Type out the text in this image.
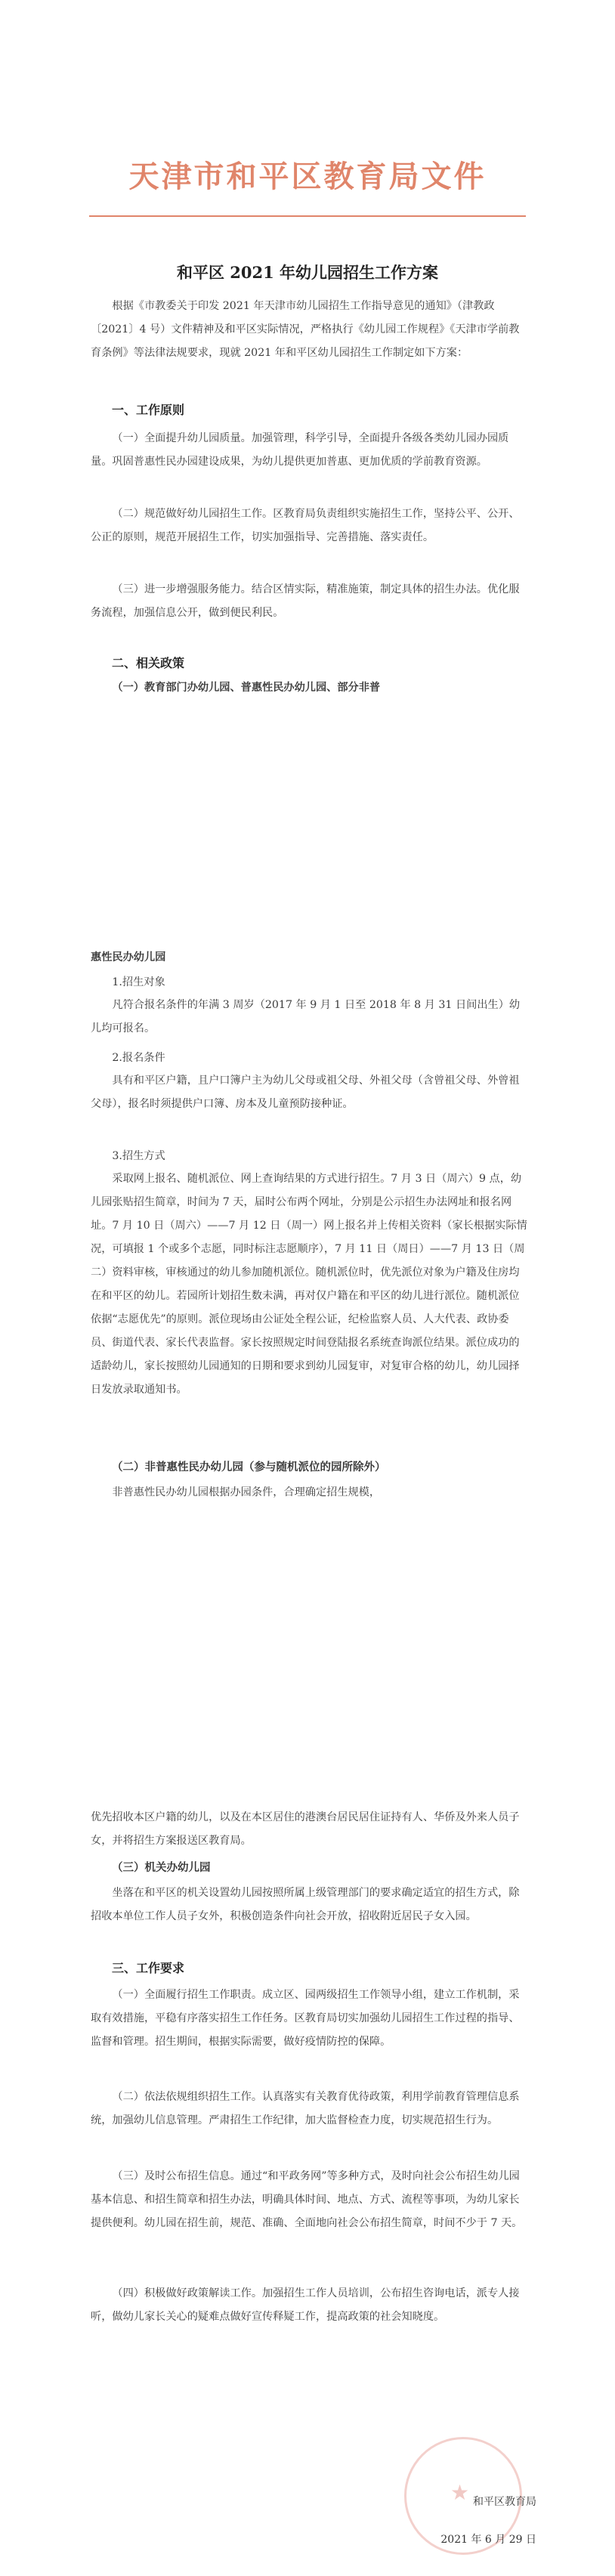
天津市和平区教育局文件
和平区 2021 年幼儿园招生工作方案

根据《市教委关于印发 2021 年天津市幼儿园招生工作指导意见的通知》（津教政〔2021〕4 号）文件精神及和平区实际情况，严格执行《幼儿园工作规程》《天津市学前教育条例》等法律法规要求，现就 2021 年和平区幼儿园招生工作制定如下方案：

一、工作原则

（一）全面提升幼儿园质量。加强管理，科学引导，全面提升各级各类幼儿园办园质量。巩固普惠性民办园建设成果，为幼儿提供更加普惠、更加优质的学前教育资源。

（二）规范做好幼儿园招生工作。区教育局负责组织实施招生工作，坚持公平、公开、公正的原则，规范开展招生工作，切实加强指导、完善措施、落实责任。

（三）进一步增强服务能力。结合区情实际，精准施策，制定具体的招生办法。优化服务流程，加强信息公开，做到便民利民。

二、相关政策

（一）教育部门办幼儿园、普惠性民办幼儿园、部分非普

惠性民办幼儿园

1.招生对象

凡符合报名条件的年满 3 周岁（2017 年 9 月 1 日至 2018 年 8 月 31 日间出生）幼儿均可报名。

2.报名条件

具有和平区户籍，且户口簿户主为幼儿父母或祖父母、外祖父母（含曾祖父母、外曾祖父母），报名时须提供户口簿、房本及儿童预防接种证。

3.招生方式

采取网上报名、随机派位、网上查询结果的方式进行招生。7 月 3 日（周六）9 点，幼儿园张贴招生简章，时间为 7 天，届时公布两个网址，分别是公示招生办法网址和报名网址。7 月 10 日（周六）——7 月 12 日（周一）网上报名并上传相关资料（家长根据实际情况，可填报 1 个或多个志愿，同时标注志愿顺序），7 月 11 日（周日）——7 月 13 日（周二）资料审核，审核通过的幼儿参加随机派位。随机派位时，优先派位对象为户籍及住房均在和平区的幼儿。若园所计划招生数未满，再对仅户籍在和平区的幼儿进行派位。随机派位依据“志愿优先”的原则。派位现场由公证处全程公证，纪检监察人员、人大代表、政协委员、街道代表、家长代表监督。家长按照规定时间登陆报名系统查询派位结果。派位成功的适龄幼儿，家长按照幼儿园通知的日期和要求到幼儿园复审，对复审合格的幼儿，幼儿园择日发放录取通知书。

（二）非普惠性民办幼儿园（参与随机派位的园所除外）

非普惠性民办幼儿园根据办园条件，合理确定招生规模，

优先招收本区户籍的幼儿，以及在本区居住的港澳台居民居住证持有人、华侨及外来人员子女，并将招生方案报送区教育局。

（三）机关办幼儿园

坐落在和平区的机关设置幼儿园按照所属上级管理部门的要求确定适宜的招生方式，除招收本单位工作人员子女外，积极创造条件向社会开放，招收附近居民子女入园。

三、工作要求

（一）全面履行招生工作职责。成立区、园两级招生工作领导小组，建立工作机制，采取有效措施，平稳有序落实招生工作任务。区教育局切实加强幼儿园招生工作过程的指导、监督和管理。招生期间，根据实际需要，做好疫情防控的保障。

（二）依法依规组织招生工作。认真落实有关教育优待政策，利用学前教育管理信息系统，加强幼儿信息管理。严肃招生工作纪律，加大监督检查力度，切实规范招生行为。

（三）及时公布招生信息。通过“和平政务网”等多种方式，及时向社会公布招生幼儿园基本信息、和招生简章和招生办法，明确具体时间、地点、方式、流程等事项，为幼儿家长提供便利。幼儿园在招生前，规范、准确、全面地向社会公布招生简章，时间不少于 7 天。

（四）积极做好政策解读工作。加强招生工作人员培训，公布招生咨询电话，派专人接听，做幼儿家长关心的疑难点做好宣传释疑工作，提高政策的社会知晓度。

★ 和平区教育局
2021 年 6 月 29 日
